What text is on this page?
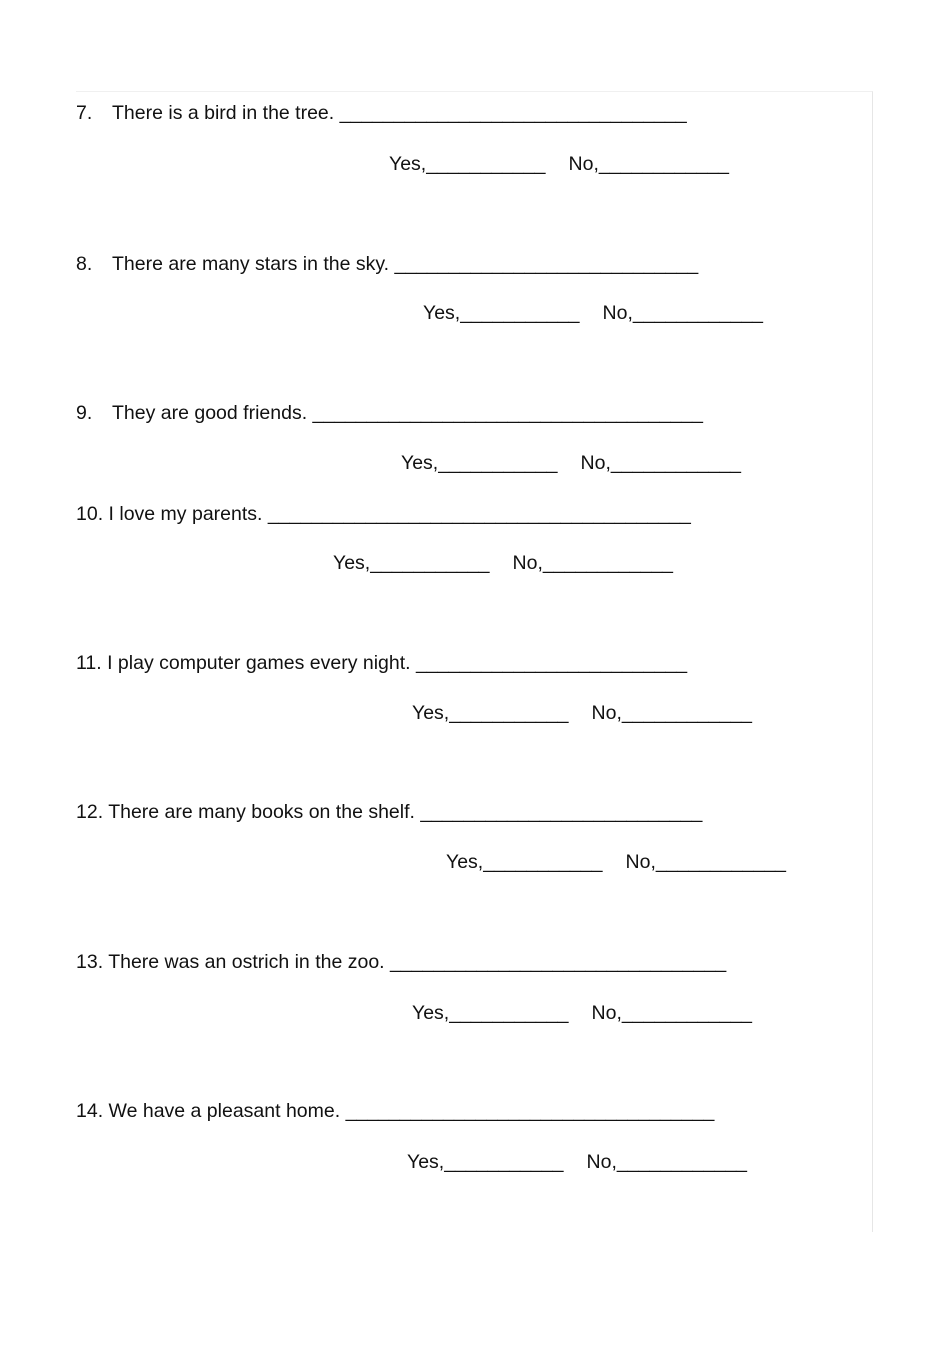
7. There is a bird in the tree. ________________________________
Yes,___________ No,____________
8. There are many stars in the sky. ____________________________
Yes,___________ No,____________
9. They are good friends. ____________________________________
Yes,___________ No,____________
10. I love my parents. _______________________________________
Yes,___________ No,____________
11. I play computer games every night. _________________________
Yes,___________ No,____________
12. There are many books on the shelf. __________________________
Yes,___________ No,____________
13. There was an ostrich in the zoo. _______________________________
Yes,___________ No,____________
14. We have a pleasant home. __________________________________
Yes,___________ No,____________
